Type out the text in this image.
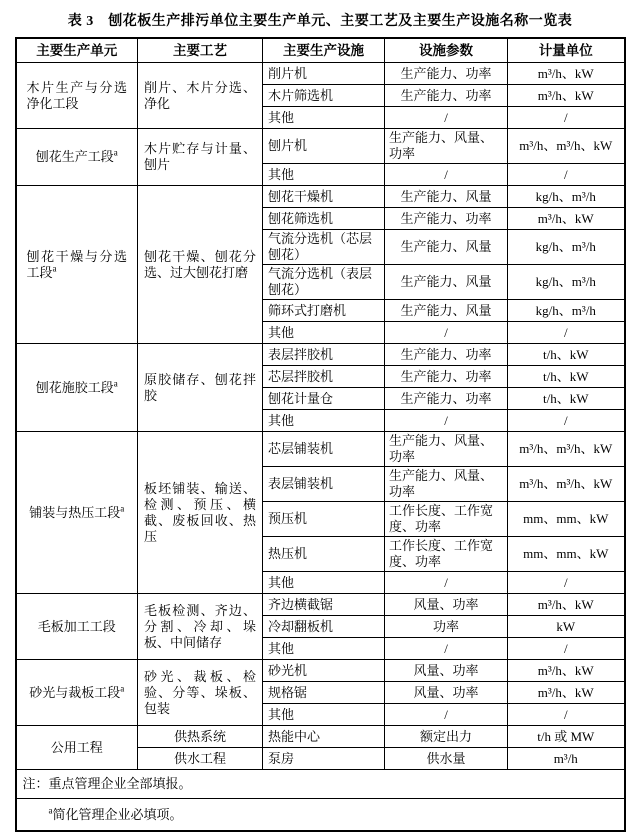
表 3　刨花板生产排污单位主要生产单元、主要工艺及主要生产设施名称一览表
主要生产单元	主要工艺	主要生产设施	设施参数	计量单位
木片生产与分选净化工段	削片、木片分选、净化	削片机	生产能力、功率	m³/h、kW
		木片筛选机	生产能力、功率	m³/h、kW
		其他	/	/
刨花生产工段$^a$	木片贮存与计量、刨片	刨片机	生产能力、风量、功率	m³/h、m³/h、kW
		其他	/	/
刨花干燥与分选工段$^a$	刨花干燥、刨花分选、过大刨花打磨	刨花干燥机	生产能力、风量	kg/h、m³/h
		刨花筛选机	生产能力、功率	m³/h、kW
		气流分选机（芯层刨花）	生产能力、风量	kg/h、m³/h
		气流分选机（表层刨花）	生产能力、风量	kg/h、m³/h
		筛环式打磨机	生产能力、风量	kg/h、m³/h
		其他	/	/
刨花施胶工段$^a$	原胶储存、刨花拌胶	表层拌胶机	生产能力、功率	t/h、kW
		芯层拌胶机	生产能力、功率	t/h、kW
		刨花计量仓	生产能力、功率	t/h、kW
		其他	/	/
铺装与热压工段$^a$	板坯铺装、输送、检测、预压、横截、废板回收、热压	芯层铺装机	生产能力、风量、功率	m³/h、m³/h、kW
		表层铺装机	生产能力、风量、功率	m³/h、m³/h、kW
		预压机	工作长度、工作宽度、功率	mm、mm、kW
		热压机	工作长度、工作宽度、功率	mm、mm、kW
		其他	/	/
毛板加工工段	毛板检测、齐边、分割、冷却、垛板、中间储存	齐边横截锯	风量、功率	m³/h、kW
		冷却翻板机	功率	kW
		其他	/	/
砂光与裁板工段$^a$	砂光、裁板、检验、分等、垛板、包装	砂光机	风量、功率	m³/h、kW
		规格锯	风量、功率	m³/h、kW
		其他	/	/
公用工程	供热系统	热能中心	额定出力	t/h 或 MW
	供水工程	泵房	供水量	m³/h
注：重点管理企业全部填报。				
$^a$简化管理企业必填项。				
